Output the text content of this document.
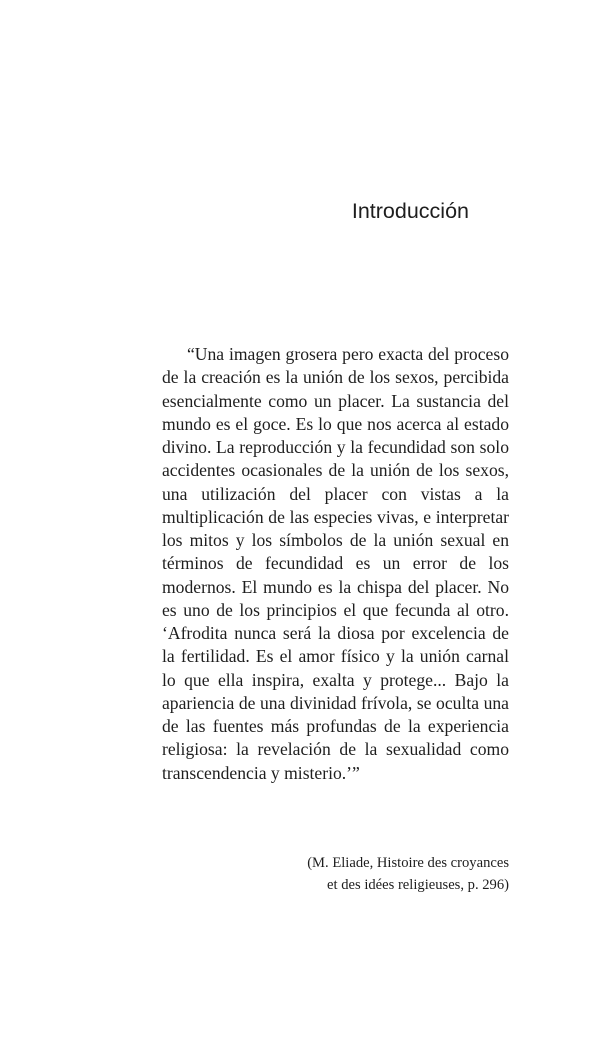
Introducción

“Una imagen grosera pero exacta del proceso de la creación es la unión de los sexos, percibida esencialmente como un placer. La sustancia del mundo es el goce. Es lo que nos acerca al estado divino. La reproducción y la fecundidad son solo accidentes ocasionales de la unión de los sexos, una utilización del placer con vistas a la multiplicación de las especies vivas, e interpretar los mitos y los símbolos de la unión sexual en términos de fecundidad es un error de los modernos. El mundo es la chispa del placer. No es uno de los principios el que fecunda al otro. ‘Afrodita nunca será la diosa por excelencia de la fertilidad. Es el amor físico y la unión carnal lo que ella inspira, exalta y protege... Bajo la apariencia de una divinidad frívola, se oculta una de las fuentes más profundas de la experiencia religiosa: la revelación de la sexualidad como transcendencia y misterio.’”

(M. Eliade, Histoire des croyances
et des idées religieuses, p. 296)
